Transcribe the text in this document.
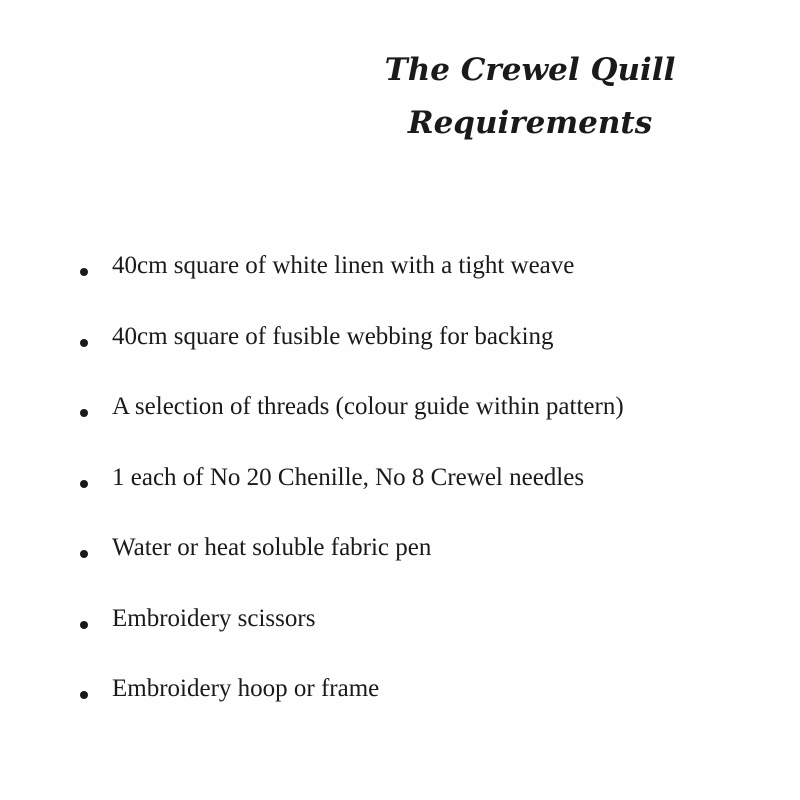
The Crewel Quill
Requirements
40cm square of white linen with a tight weave
40cm square of fusible webbing for backing
A selection of threads (colour guide within pattern)
1 each of No 20 Chenille, No 8 Crewel needles
Water or heat soluble fabric pen
Embroidery scissors
Embroidery hoop or frame
